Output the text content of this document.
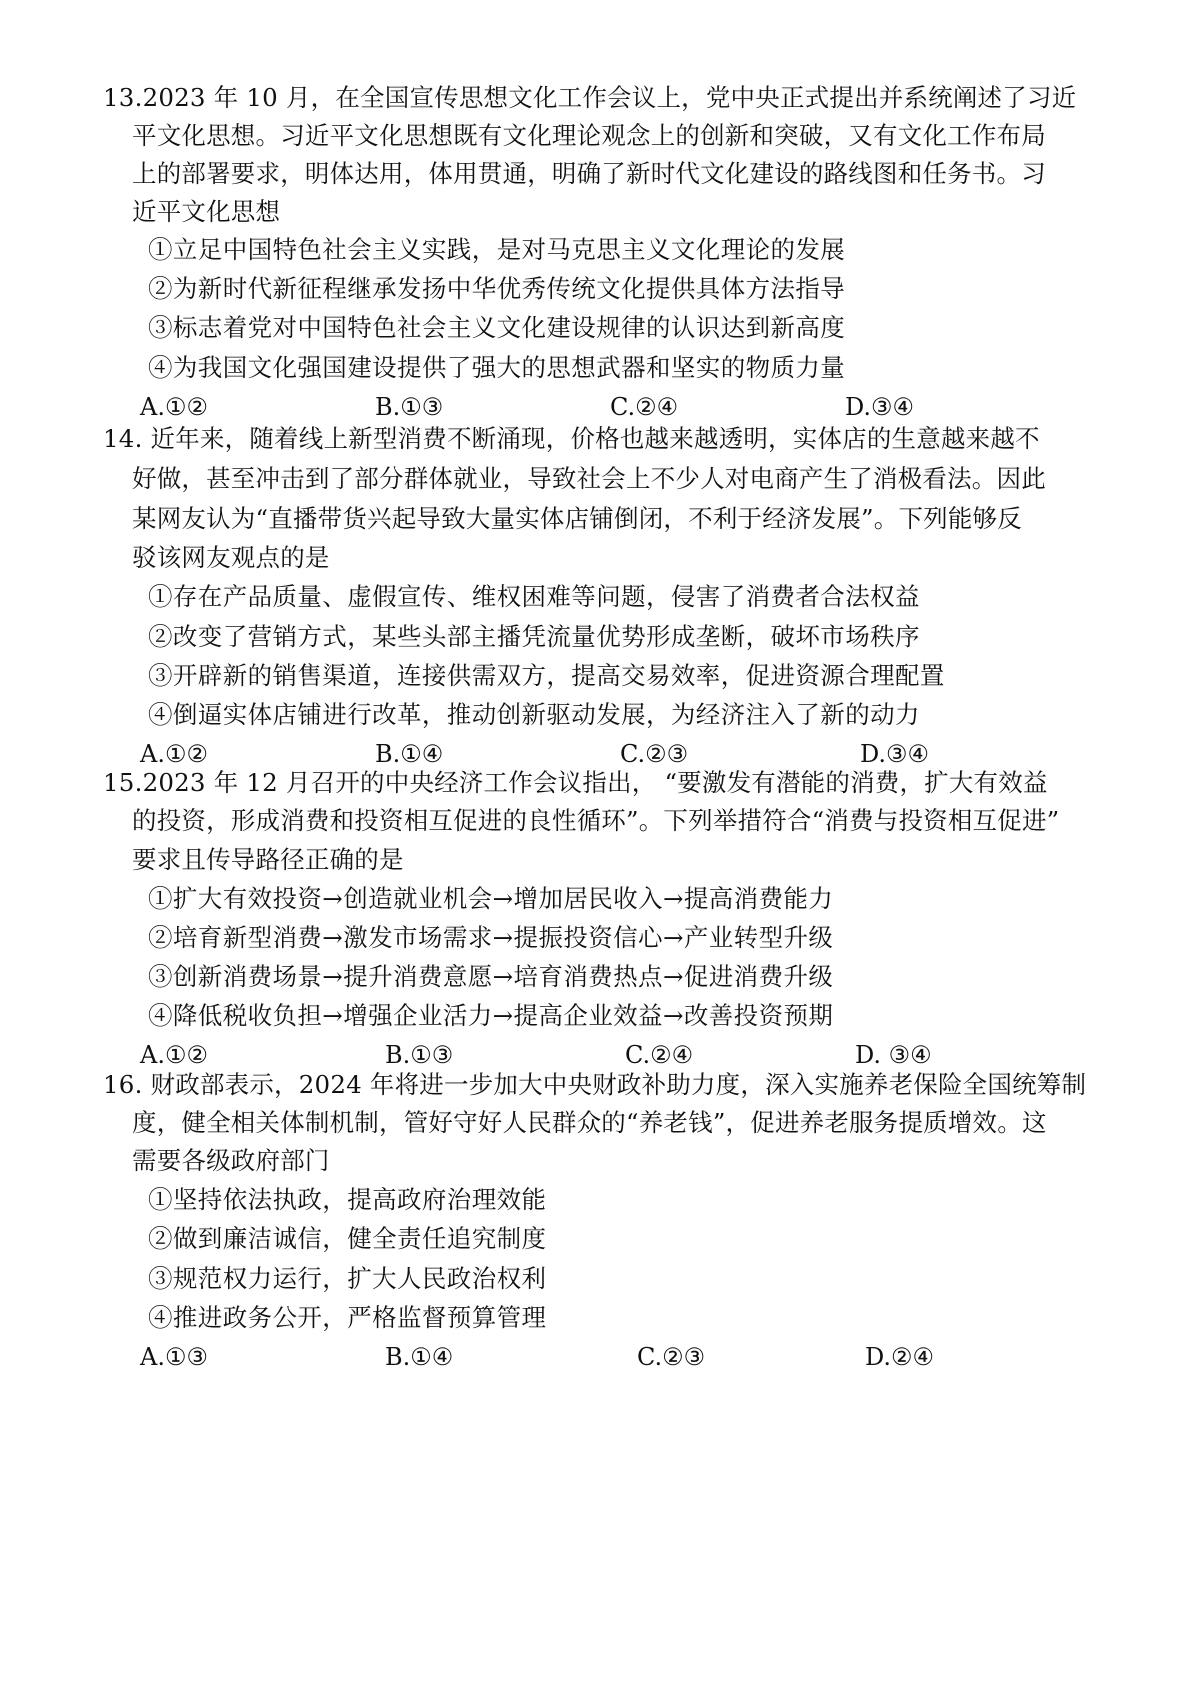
13.2023 年 10 月，在全国宣传思想文化工作会议上，党中央正式提出并系统阐述了习近
平文化思想。习近平文化思想既有文化理论观念上的创新和突破，又有文化工作布局
上的部署要求，明体达用，体用贯通，明确了新时代文化建设的路线图和任务书。习
近平文化思想
①立足中国特色社会主义实践，是对马克思主义文化理论的发展
②为新时代新征程继承发扬中华优秀传统文化提供具体方法指导
③标志着党对中国特色社会主义文化建设规律的认识达到新高度
④为我国文化强国建设提供了强大的思想武器和坚实的物质力量
A.①②	B.①③	C.②④	D.③④
14. 近年来，随着线上新型消费不断涌现，价格也越来越透明，实体店的生意越来越不
好做，甚至冲击到了部分群体就业，导致社会上不少人对电商产生了消极看法。因此
某网友认为“直播带货兴起导致大量实体店铺倒闭，不利于经济发展”。下列能够反
驳该网友观点的是
①存在产品质量、虚假宣传、维权困难等问题，侵害了消费者合法权益
②改变了营销方式，某些头部主播凭流量优势形成垄断，破坏市场秩序
③开辟新的销售渠道，连接供需双方，提高交易效率，促进资源合理配置
④倒逼实体店铺进行改革，推动创新驱动发展，为经济注入了新的动力
A.①②	B.①④	C.②③	D.③④
15.2023 年 12 月召开的中央经济工作会议指出， “要激发有潜能的消费，扩大有效益
的投资，形成消费和投资相互促进的良性循环”。下列举措符合“消费与投资相互促进”
要求且传导路径正确的是
①扩大有效投资→创造就业机会→增加居民收入→提高消费能力
②培育新型消费→激发市场需求→提振投资信心→产业转型升级
③创新消费场景→提升消费意愿→培育消费热点→促进消费升级
④降低税收负担→增强企业活力→提高企业效益→改善投资预期
A.①②	B.①③	C.②④	D. ③④
16. 财政部表示，2024 年将进一步加大中央财政补助力度，深入实施养老保险全国统筹制
度，健全相关体制机制，管好守好人民群众的“养老钱”，促进养老服务提质增效。这
需要各级政府部门
①坚持依法执政，提高政府治理效能
②做到廉洁诚信，健全责任追究制度
③规范权力运行，扩大人民政治权利
④推进政务公开，严格监督预算管理
A.①③	B.①④	C.②③	D.②④
